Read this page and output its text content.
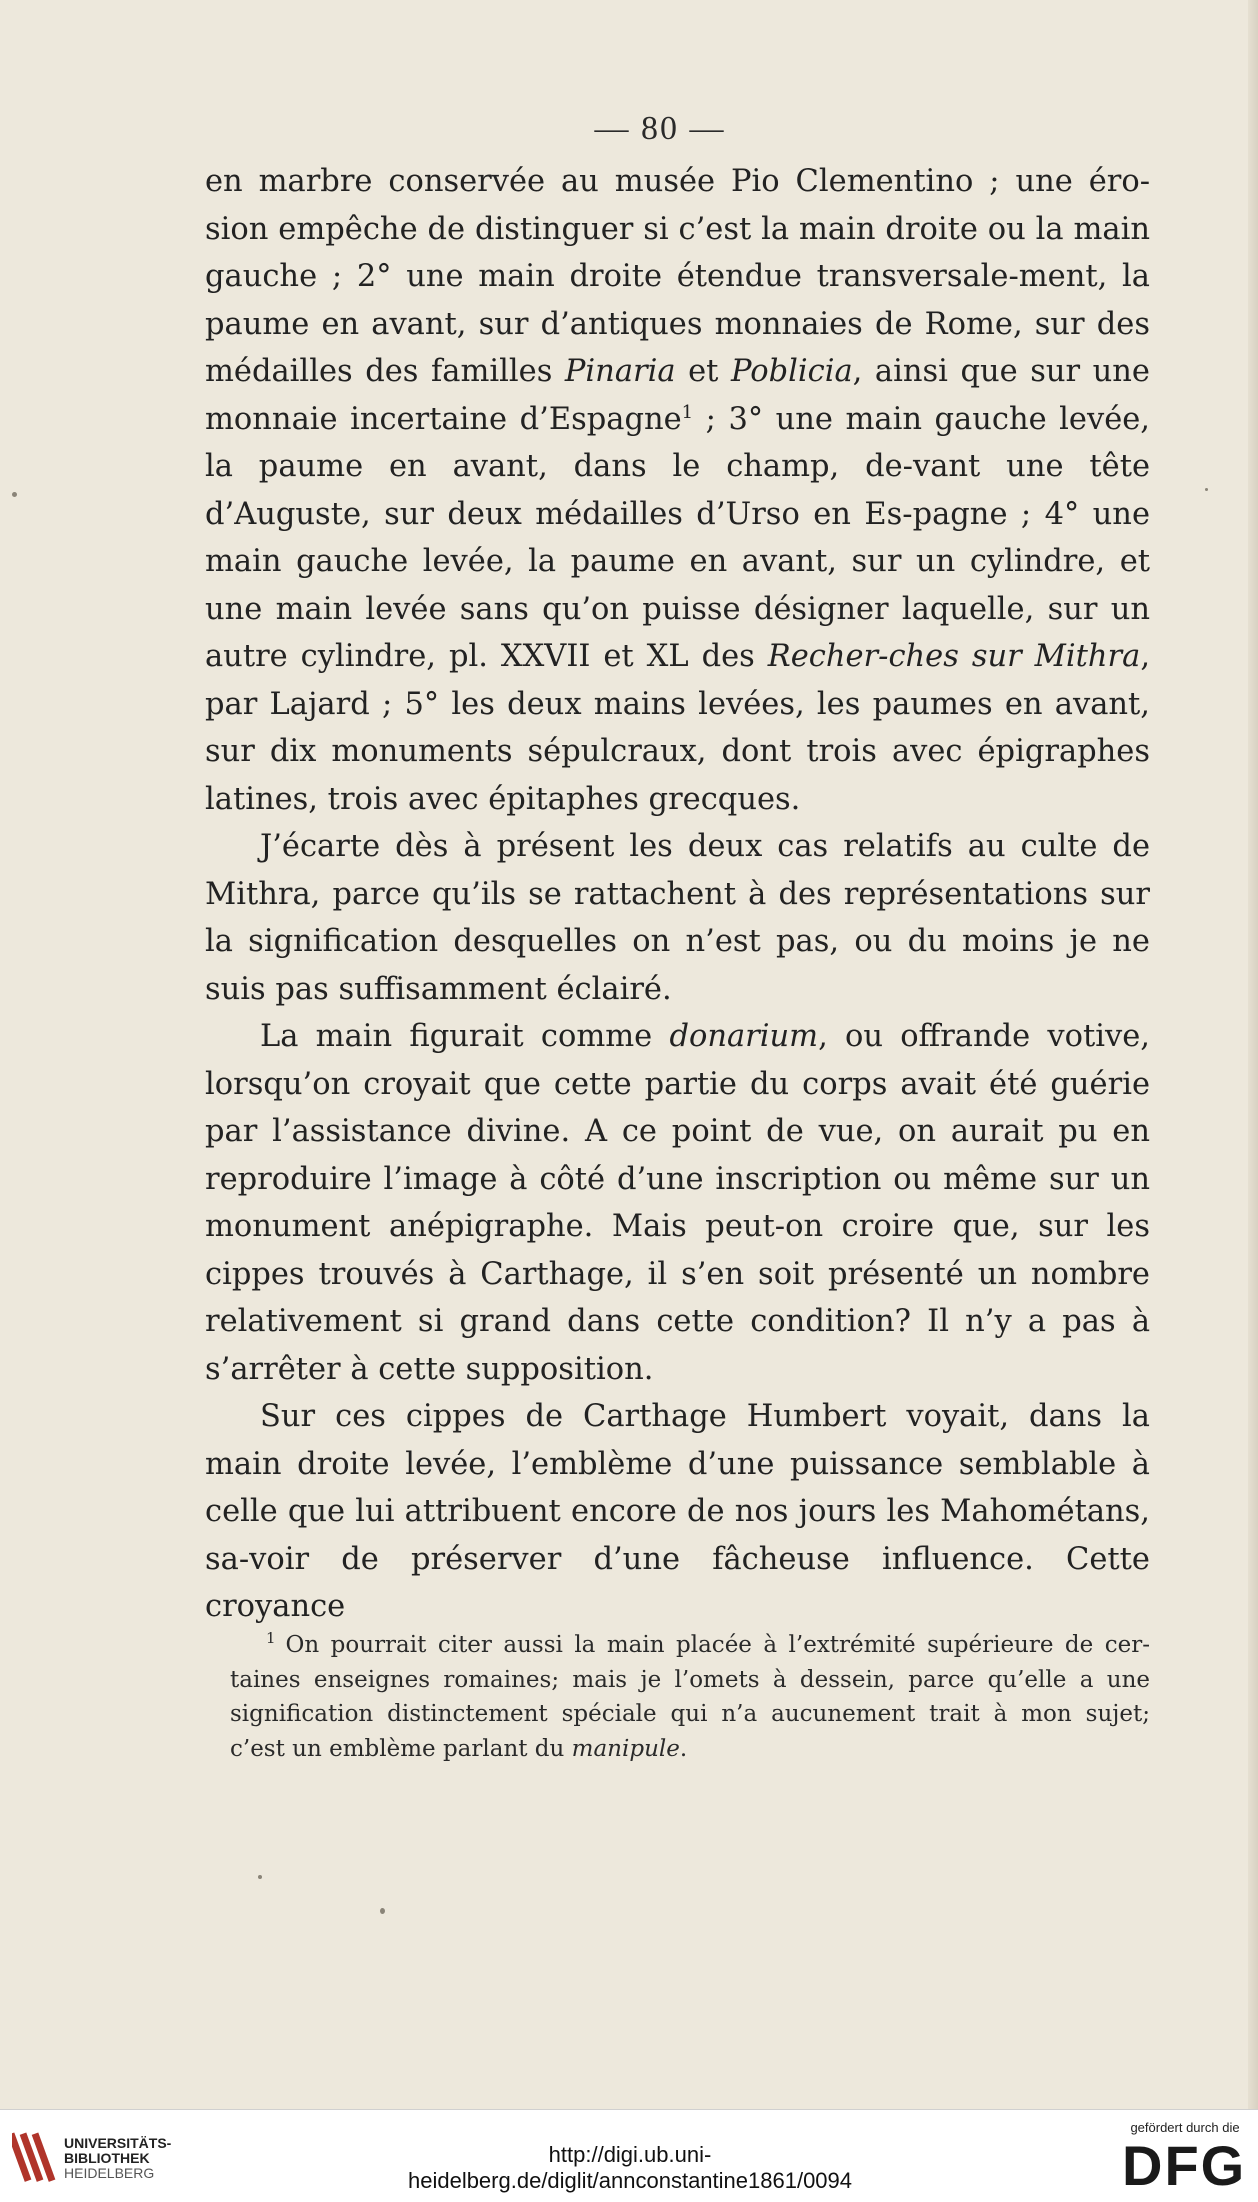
— 80 —

en marbre conservée au musée Pio Clementino ; une éro-sion empêche de distinguer si c’est la main droite ou la main gauche ; 2° une main droite étendue transversale-ment, la paume en avant, sur d’antiques monnaies de Rome, sur des médailles des familles Pinaria et Poblicia, ainsi que sur une monnaie incertaine d’Espagne$^1$ ; 3° une main gauche levée, la paume en avant, dans le champ, de-vant une tête d’Auguste, sur deux médailles d’Urso en Es-pagne ; 4° une main gauche levée, la paume en avant, sur un cylindre, et une main levée sans qu’on puisse désigner laquelle, sur un autre cylindre, pl. XXVII et XL des Recher-ches sur Mithra, par Lajard ; 5° les deux mains levées, les paumes en avant, sur dix monuments sépulcraux, dont trois avec épigraphes latines, trois avec épitaphes grecques.

J’écarte dès à présent les deux cas relatifs au culte de Mithra, parce qu’ils se rattachent à des représentations sur la signification desquelles on n’est pas, ou du moins je ne suis pas suffisamment éclairé.

La main figurait comme donarium, ou offrande votive, lorsqu’on croyait que cette partie du corps avait été guérie par l’assistance divine. A ce point de vue, on aurait pu en reproduire l’image à côté d’une inscription ou même sur un monument anépigraphe. Mais peut-on croire que, sur les cippes trouvés à Carthage, il s’en soit présenté un nombre relativement si grand dans cette condition? Il n’y a pas à s’arrêter à cette supposition.

Sur ces cippes de Carthage Humbert voyait, dans la main droite levée, l’emblème d’une puissance semblable à celle que lui attribuent encore de nos jours les Mahométans, sa-voir de préserver d’une fâcheuse influence. Cette croyance

$^1$ On pourrait citer aussi la main placée à l’extrémité supérieure de cer-taines enseignes romaines; mais je l’omets à dessein, parce qu’elle a une signification distinctement spéciale qui n’a aucunement trait à mon sujet; c’est un emblème parlant du manipule.

UNIVERSITÄTS-
BIBLIOTHEK
HEIDELBERG
http://digi.ub.uni-heidelberg.de/diglit/annconstantine1861/0094
gefördert durch die
DFG
